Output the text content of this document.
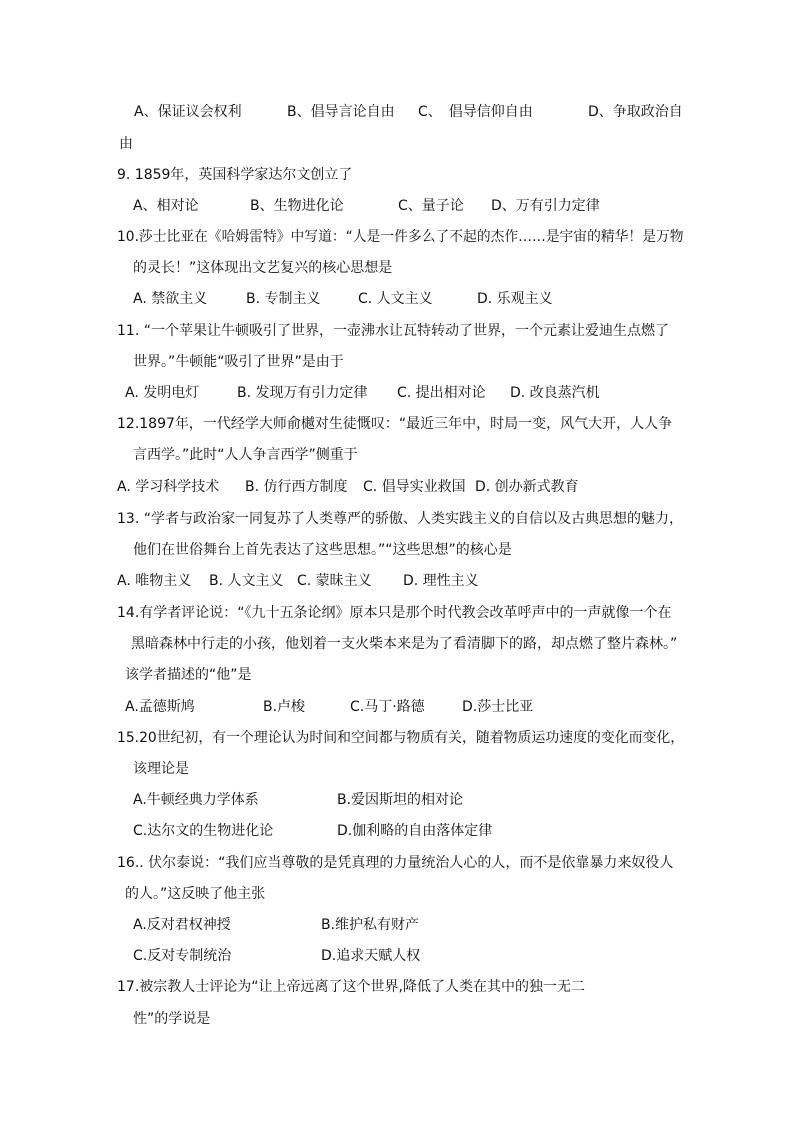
A、保证议会权利	B、倡导言论自由 C、　倡导信仰自由	D、争取政治自
由
9. 1859年，英国科学家达尔文创立了
A、相对论	B、生物进化论	C、量子论 D、万有引力定律
10.莎士比亚在《哈姆雷特》中写道：“人是一件多么了不起的杰作……是宇宙的精华！是万物
的灵长！”这体现出文艺复兴的核心思想是
A. 禁欲主义	B. 专制主义	C. 人文主义	D. 乐观主义
11. “一个苹果让牛顿吸引了世界，一壶沸水让瓦特转动了世界，一个元素让爱迪生点燃了
世界。”牛顿能“吸引了世界”是由于
A. 发明电灯	B. 发现万有引力定律 C. 提出相对论 D. 改良蒸汽机
12.1897年，一代经学大师俞樾对生徒慨叹：“最近三年中，时局一变，风气大开，人人争
言西学。”此时“人人争言西学”侧重于
A. 学习科学技术 B. 仿行西方制度 C. 倡导实业救国 D. 创办新式教育
13. “学者与政治家一同复苏了人类尊严的骄傲、人类实践主义的自信以及古典思想的魅力，
他们在世俗舞台上首先表达了这些思想。”“这些思想”的核心是
A. 唯物主义 B. 人文主义 C. 蒙昧主义 D. 理性主义
14.有学者评论说：“《九十五条论纲》原本只是那个时代教会改革呼声中的一声就像一个在
黑暗森林中行走的小孩，他划着一支火柴本来是为了看清脚下的路，却点燃了整片森林。”
该学者描述的“他”是
A.孟德斯鸠	B.卢梭	C.马丁·路德	D.莎士比亚
15.20世纪初，有一个理论认为时间和空间都与物质有关，随着物质运功速度的变化而变化，
该理论是
A.牛顿经典力学体系	B.爱因斯坦的相对论
C.达尔文的生物进化论	D.伽利略的自由落体定律
16.. 伏尔泰说：“我们应当尊敬的是凭真理的力量统治人心的人，而不是依靠暴力来奴役人
的人。”这反映了他主张
A.反对君权神授	B.维护私有财产
C.反对专制统治	D.追求天赋人权
17.被宗教人士评论为“让上帝远离了这个世界,降低了人类在其中的独一无二
性”的学说是
